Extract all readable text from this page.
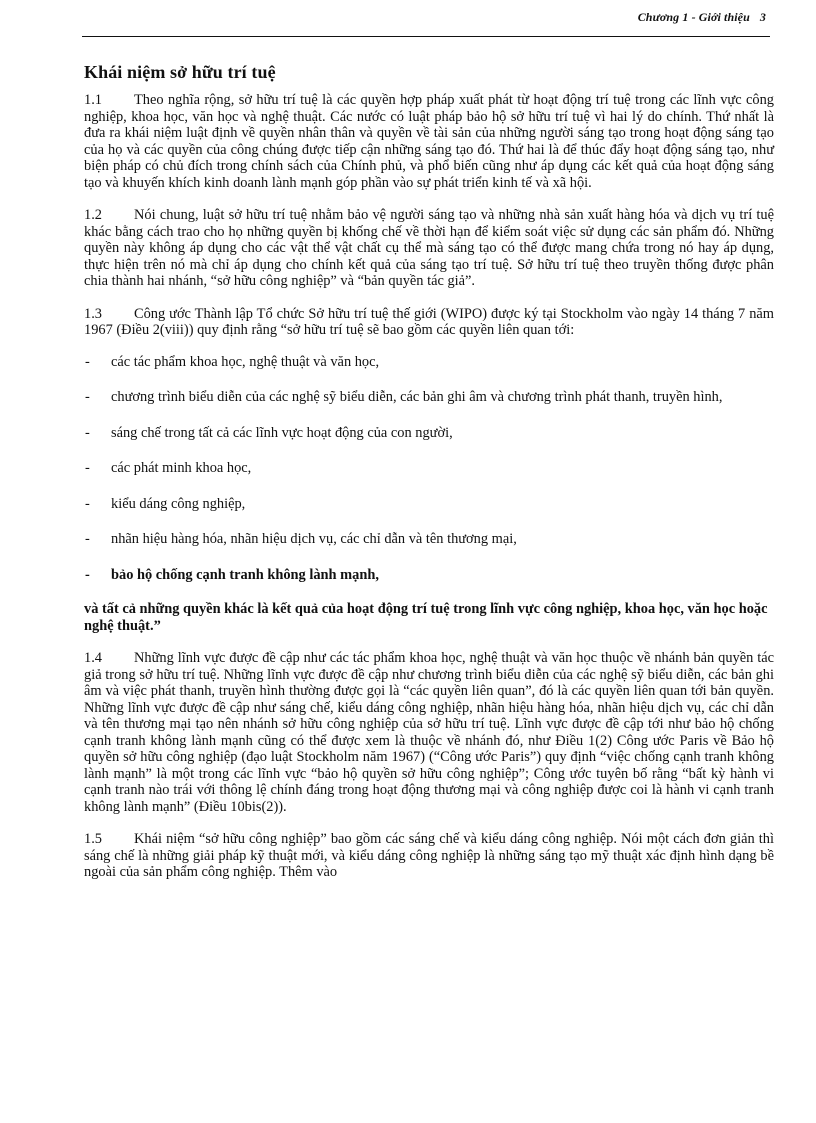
Chương 1 - Giới thiệu 3
Khái niệm sở hữu trí tuệ

1.1 Theo nghĩa rộng, sở hữu trí tuệ là các quyền hợp pháp xuất phát từ hoạt động trí tuệ trong các lĩnh vực công nghiệp, khoa học, văn học và nghệ thuật. Các nước có luật pháp bảo hộ sở hữu trí tuệ vì hai lý do chính. Thứ nhất là đưa ra khái niệm luật định về quyền nhân thân và quyền về tài sản của những người sáng tạo trong hoạt động sáng tạo của họ và các quyền của công chúng được tiếp cận những sáng tạo đó. Thứ hai là để thúc đẩy hoạt động sáng tạo, như biện pháp có chủ đích trong chính sách của Chính phủ, và phổ biến cũng như áp dụng các kết quả của hoạt động sáng tạo và khuyến khích kinh doanh lành mạnh góp phần vào sự phát triển kinh tế và xã hội.

1.2 Nói chung, luật sở hữu trí tuệ nhằm bảo vệ người sáng tạo và những nhà sản xuất hàng hóa và dịch vụ trí tuệ khác bằng cách trao cho họ những quyền bị khống chế về thời hạn để kiểm soát việc sử dụng các sản phẩm đó. Những quyền này không áp dụng cho các vật thể vật chất cụ thể mà sáng tạo có thể được mang chứa trong nó hay áp dụng, thực hiện trên nó mà chỉ áp dụng cho chính kết quả của sáng tạo trí tuệ. Sở hữu trí tuệ theo truyền thống được phân chia thành hai nhánh, “sở hữu công nghiệp” và “bản quyền tác giả”.

1.3 Công ước Thành lập Tổ chức Sở hữu trí tuệ thế giới (WIPO) được ký tại Stockholm vào ngày 14 tháng 7 năm 1967 (Điều 2(viii)) quy định rằng “sở hữu trí tuệ sẽ bao gồm các quyền liên quan tới:

- các tác phẩm khoa học, nghệ thuật và văn học,
- chương trình biểu diễn của các nghệ sỹ biểu diễn, các bản ghi âm và chương trình phát thanh, truyền hình,
- sáng chế trong tất cả các lĩnh vực hoạt động của con người,
- các phát minh khoa học,
- kiểu dáng công nghiệp,
- nhãn hiệu hàng hóa, nhãn hiệu dịch vụ, các chỉ dẫn và tên thương mại,
- bảo hộ chống cạnh tranh không lành mạnh,

và tất cả những quyền khác là kết quả của hoạt động trí tuệ trong lĩnh vực công nghiệp, khoa học, văn học hoặc nghệ thuật.”

1.4 Những lĩnh vực được đề cập như các tác phẩm khoa học, nghệ thuật và văn học thuộc về nhánh bản quyền tác giả trong sở hữu trí tuệ. Những lĩnh vực được đề cập như chương trình biểu diễn của các nghệ sỹ biểu diễn, các bản ghi âm và việc phát thanh, truyền hình thường được gọi là “các quyền liên quan”, đó là các quyền liên quan tới bản quyền. Những lĩnh vực được đề cập như sáng chế, kiểu dáng công nghiệp, nhãn hiệu hàng hóa, nhãn hiệu dịch vụ, các chỉ dẫn và tên thương mại tạo nên nhánh sở hữu công nghiệp của sở hữu trí tuệ. Lĩnh vực được đề cập tới như bảo hộ chống cạnh tranh không lành mạnh cũng có thể được xem là thuộc về nhánh đó, như Điều 1(2) Công ước Paris về Bảo hộ quyền sở hữu công nghiệp (đạo luật Stockholm năm 1967) (“Công ước Paris”) quy định “việc chống cạnh tranh không lành mạnh” là một trong các lĩnh vực “bảo hộ quyền sở hữu công nghiệp”; Công ước tuyên bố rằng “bất kỳ hành vi cạnh tranh nào trái với thông lệ chính đáng trong hoạt động thương mại và công nghiệp được coi là hành vi cạnh tranh không lành mạnh” (Điều 10bis(2)).

1.5 Khái niệm “sở hữu công nghiệp” bao gồm các sáng chế và kiểu dáng công nghiệp. Nói một cách đơn giản thì sáng chế là những giải pháp kỹ thuật mới, và kiểu dáng công nghiệp là những sáng tạo mỹ thuật xác định hình dạng bề ngoài của sản phẩm công nghiệp. Thêm vào
